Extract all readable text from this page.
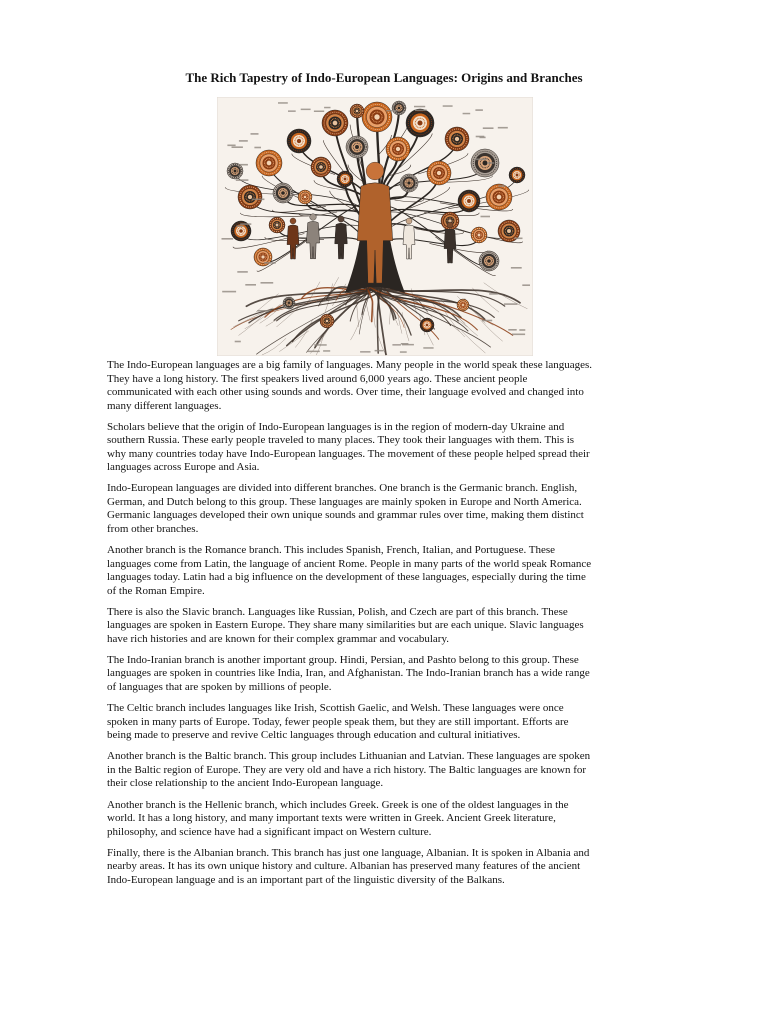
The Rich Tapestry of Indo-European Languages: Origins and Branches

The Indo-European languages are a big family of languages. Many people in the world speak these languages.
They have a long history. The first speakers lived around 6,000 years ago. These ancient people
communicated with each other using sounds and words. Over time, their language evolved and changed into
many different languages.

Scholars believe that the origin of Indo-European languages is in the region of modern-day Ukraine and
southern Russia. These early people traveled to many places. They took their languages with them. This is
why many countries today have Indo-European languages. The movement of these people helped spread their
languages across Europe and Asia.

Indo-European languages are divided into different branches. One branch is the Germanic branch. English,
German, and Dutch belong to this group. These languages are mainly spoken in Europe and North America.
Germanic languages developed their own unique sounds and grammar rules over time, making them distinct
from other branches.

Another branch is the Romance branch. This includes Spanish, French, Italian, and Portuguese. These
languages come from Latin, the language of ancient Rome. People in many parts of the world speak Romance
languages today. Latin had a big influence on the development of these languages, especially during the time
of the Roman Empire.

There is also the Slavic branch. Languages like Russian, Polish, and Czech are part of this branch. These
languages are spoken in Eastern Europe. They share many similarities but are each unique. Slavic languages
have rich histories and are known for their complex grammar and vocabulary.

The Indo-Iranian branch is another important group. Hindi, Persian, and Pashto belong to this group. These
languages are spoken in countries like India, Iran, and Afghanistan. The Indo-Iranian branch has a wide range
of languages that are spoken by millions of people.

The Celtic branch includes languages like Irish, Scottish Gaelic, and Welsh. These languages were once
spoken in many parts of Europe. Today, fewer people speak them, but they are still important. Efforts are
being made to preserve and revive Celtic languages through education and cultural initiatives.

Another branch is the Baltic branch. This group includes Lithuanian and Latvian. These languages are spoken
in the Baltic region of Europe. They are very old and have a rich history. The Baltic languages are known for
their close relationship to the ancient Indo-European language.

Another branch is the Hellenic branch, which includes Greek. Greek is one of the oldest languages in the
world. It has a long history, and many important texts were written in Greek. Ancient Greek literature,
philosophy, and science have had a significant impact on Western culture.

Finally, there is the Albanian branch. This branch has just one language, Albanian. It is spoken in Albania and
nearby areas. It has its own unique history and culture. Albanian has preserved many features of the ancient
Indo-European language and is an important part of the linguistic diversity of the Balkans.
